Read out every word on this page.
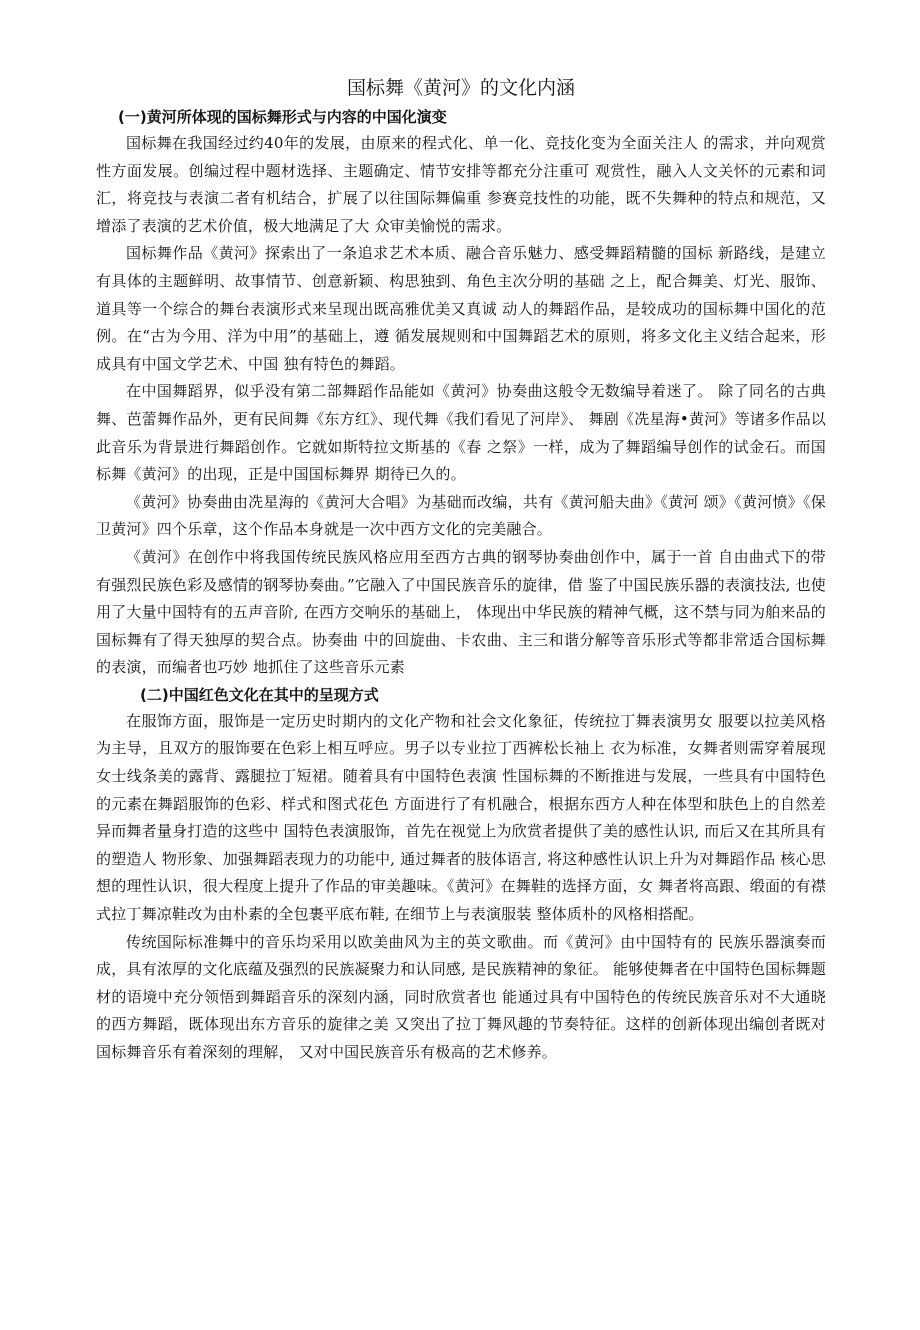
国标舞《黄河》的文化内涵
(一)黄河所体现的国标舞形式与内容的中国化演变

国标舞在我国经过约40年的发展，由原来的程式化、单一化、竞技化变为全面关注人 的需求，并向观赏性方面发展。创编过程中题材选择、主题确定、情节安排等都充分注重可 观赏性，融入人文关怀的元素和词汇，将竞技与表演二者有机结合，扩展了以往国际舞偏重 参赛竞技性的功能，既不失舞种的特点和规范，又增添了表演的艺术价值，极大地满足了大 众审美愉悦的需求。

国标舞作品《黄河》探索出了一条追求艺术本质、融合音乐魅力、感受舞蹈精髓的国标 新路线，是建立有具体的主题鲜明、故事情节、创意新颖、构思独到、角色主次分明的基础 之上，配合舞美、灯光、服饰、道具等一个综合的舞台表演形式来呈现出既高雅优美又真诚 动人的舞蹈作品，是较成功的国标舞中国化的范例。在“古为今用、洋为中用”的基础上，遵 循发展规则和中国舞蹈艺术的原则，将多文化主义结合起来，形成具有中国文学艺术、中国 独有特色的舞蹈。

在中国舞蹈界，似乎没有第二部舞蹈作品能如《黄河》协奏曲这般令无数编导着迷了。 除了同名的古典舞、芭蕾舞作品外，更有民间舞《东方红》、现代舞《我们看见了河岸》、 舞剧《冼星海•黄河》等诸多作品以此音乐为背景进行舞蹈创作。它就如斯特拉文斯基的《春 之祭》一样，成为了舞蹈编导创作的试金石。而国标舞《黄河》的出现，正是中国国标舞界 期待已久的。

《黄河》协奏曲由冼星海的《黄河大合唱》为基础而改编，共有《黄河船夫曲》《黄河 颂》《黄河愤》《保卫黄河》四个乐章，这个作品本身就是一次中西方文化的完美融合。

《黄河》在创作中将我国传统民族风格应用至西方古典的钢琴协奏曲创作中，属于一首 自由曲式下的带有强烈民族色彩及感情的钢琴协奏曲。”它融入了中国民族音乐的旋律，借 鉴了中国民族乐器的表演技法, 也使用了大量中国特有的五声音阶, 在西方交响乐的基础上， 体现出中华民族的精神气概，这不禁与同为舶来品的国标舞有了得天独厚的契合点。协奏曲 中的回旋曲、卡农曲、主三和谐分解等音乐形式等都非常适合国标舞的表演，而编者也巧妙 地抓住了这些音乐元素

(二)中国红色文化在其中的呈现方式

在服饰方面，服饰是一定历史时期内的文化产物和社会文化象征，传统拉丁舞表演男女 服要以拉美风格为主导，且双方的服饰要在色彩上相互呼应。男子以专业拉丁西裤松长袖上 衣为标准，女舞者则需穿着展现女士线条美的露背、露腿拉丁短裙。随着具有中国特色表演 性国标舞的不断推进与发展，一些具有中国特色的元素在舞蹈服饰的色彩、样式和图式花色 方面进行了有机融合，根据东西方人种在体型和肤色上的自然差异而舞者量身打造的这些中 国特色表演服饰，首先在视觉上为欣赏者提供了美的感性认识, 而后又在其所具有的塑造人 物形象、加强舞蹈表现力的功能中, 通过舞者的肢体语言, 将这种感性认识上升为对舞蹈作品 核心思想的理性认识，很大程度上提升了作品的审美趣味。《黄河》在舞鞋的选择方面，女 舞者将高跟、缎面的有襟式拉丁舞凉鞋改为由朴素的全包裹平底布鞋, 在细节上与表演服装 整体质朴的风格相搭配。

传统国际标准舞中的音乐均采用以欧美曲风为主的英文歌曲。而《黄河》由中国特有的 民族乐器演奏而成，具有浓厚的文化底蕴及强烈的民族凝聚力和认同感, 是民族精神的象征。 能够使舞者在中国特色国标舞题材的语境中充分领悟到舞蹈音乐的深刻内涵，同时欣赏者也 能通过具有中国特色的传统民族音乐对不大通晓的西方舞蹈，既体现出东方音乐的旋律之美 又突出了拉丁舞风趣的节奏特征。这样的创新体现出编创者既对国标舞音乐有着深刻的理解， 又对中国民族音乐有极高的艺术修养。
